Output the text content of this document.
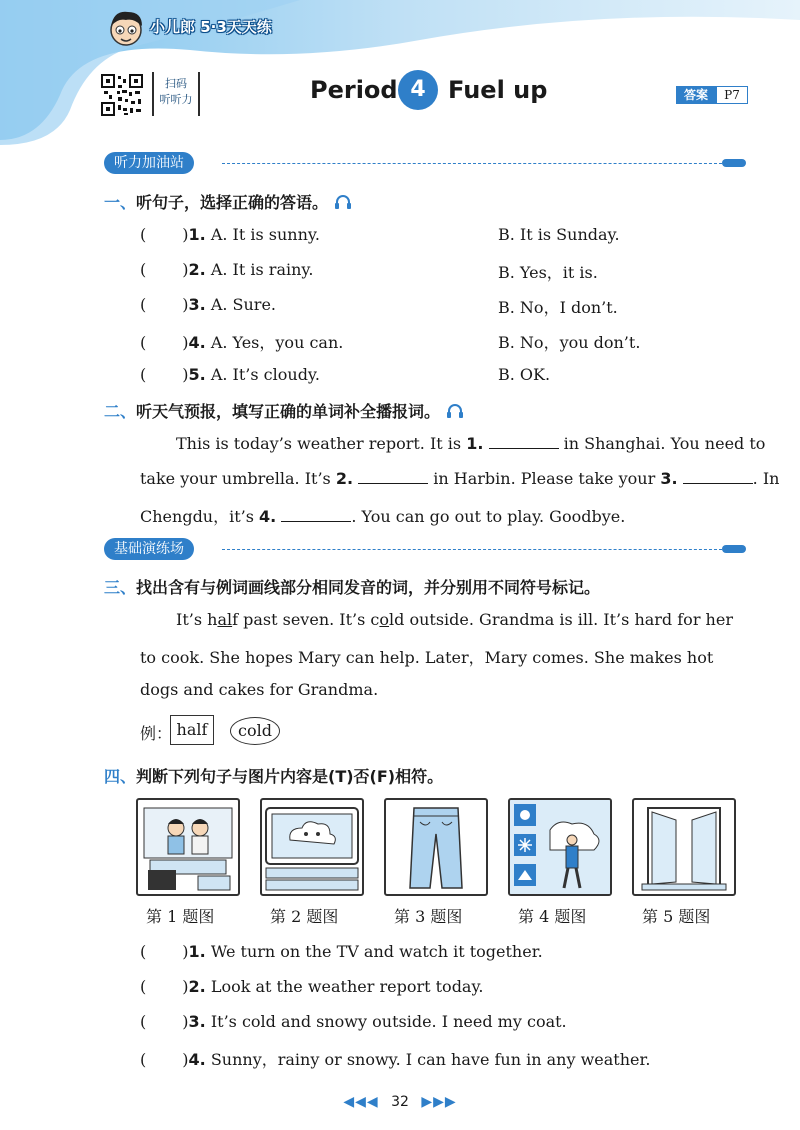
小儿郎 5·3天天练
扫码
听听力	Period 4 Fuel up	答案	P7
听力加油站
一、听句子，选择正确的答语。
( )1. A. It is sunny.	B. It is Sunday.
( )2. A. It is rainy.	B. Yes，it is.
( )3. A. Sure.	B. No，I don’t.
( )4. A. Yes，you can.	B. No，you don’t.
( )5. A. It’s cloudy.	B. OK.
二、听天气预报，填写正确的单词补全播报词。
This is today’s weather report. It is 1.	in Shanghai. You need to
take your umbrella. It’s 2.	in Harbin. Please take your 3.	. In
Chengdu，it’s 4.	. You can go out to play. Goodbye.
基础演练场
三、找出含有与例词画线部分相同发音的词，并分别用不同符号标记。
It’s half past seven. It’s cold outside. Grandma is ill. It’s hard for her
to cook. She hopes Mary can help. Later，Mary comes. She makes hot
dogs and cakes for Grandma.
例： half	cold
四、判断下列句子与图片内容是(T)否(F)相符。
第 1 题图	第 2 题图	第 3 题图	第 4 题图	第 5 题图
( )1. We turn on the TV and watch it together.
( )2. Look at the weather report today.
( )3. It’s cold and snowy outside. I need my coat.
( )4. Sunny，rainy or snowy. I can have fun in any weather.
◀◀◀ 32 ▶▶▶
